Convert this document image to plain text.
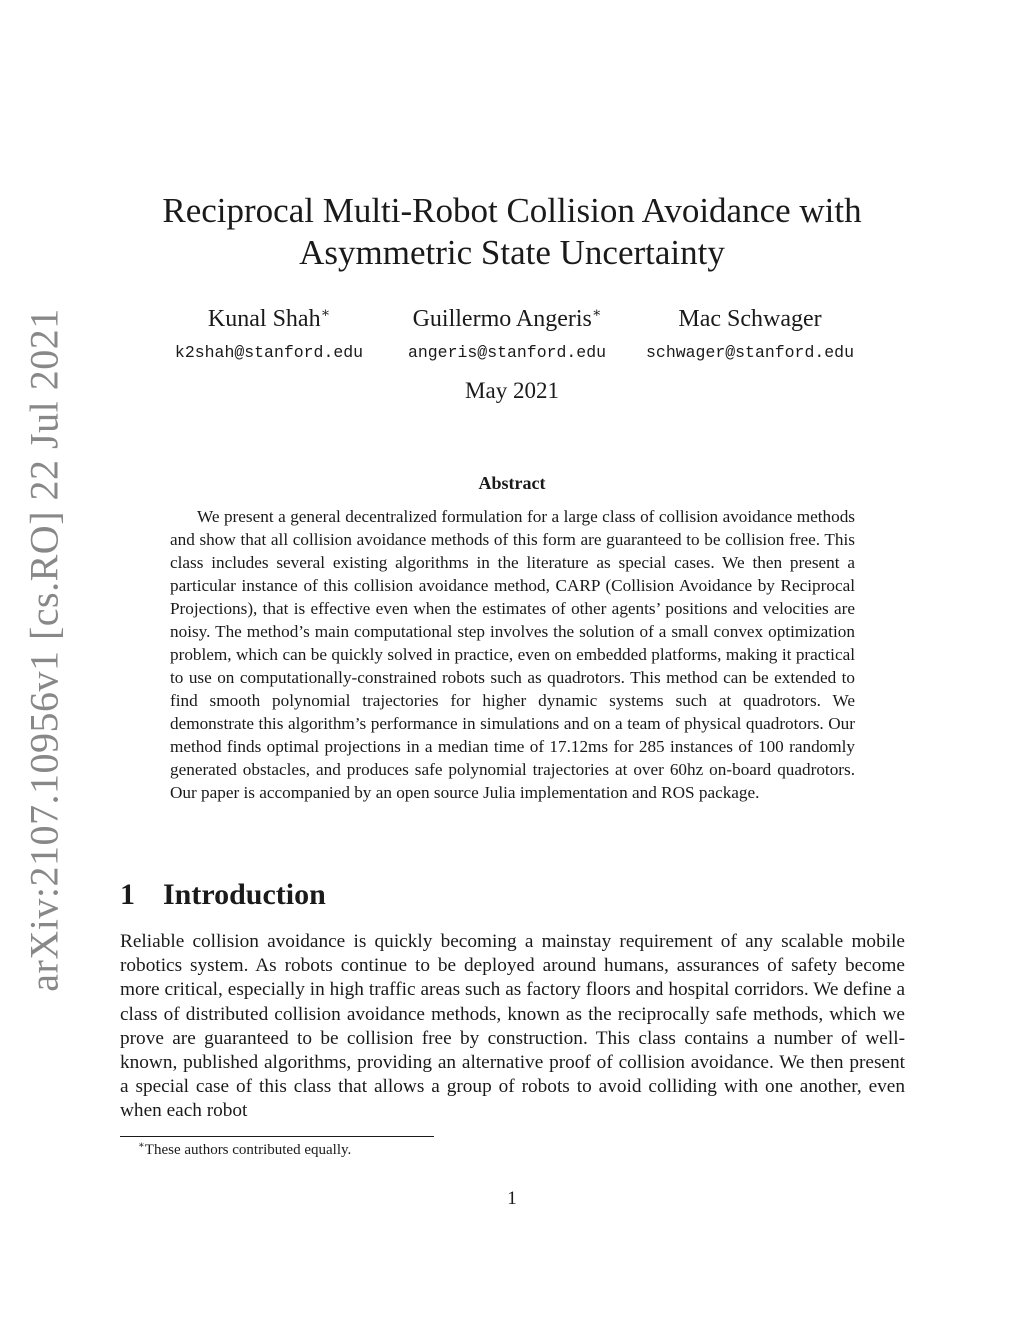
arXiv:2107.10956v1 [cs.RO] 22 Jul 2021
Reciprocal Multi-Robot Collision Avoidance with
Asymmetric State Uncertainty
Kunal Shah∗
k2shah@stanford.edu
Guillermo Angeris∗
angeris@stanford.edu
Mac Schwager
schwager@stanford.edu
May 2021
Abstract

We present a general decentralized formulation for a large class of collision avoidance methods and show that all collision avoidance methods of this form are guaranteed to be collision free. This class includes several existing algorithms in the literature as special cases. We then present a particular instance of this collision avoidance method, CARP (Collision Avoidance by Reciprocal Projections), that is effective even when the estimates of other agents’ positions and velocities are noisy. The method’s main computational step involves the solution of a small convex optimization problem, which can be quickly solved in practice, even on embedded platforms, making it practical to use on computationally-constrained robots such as quadrotors. This method can be extended to find smooth polynomial trajectories for higher dynamic systems such at quadrotors. We demonstrate this algorithm’s performance in simulations and on a team of physical quadrotors. Our method finds optimal projections in a median time of 17.12ms for 285 instances of 100 randomly generated obstacles, and produces safe polynomial trajectories at over 60hz on-board quadrotors. Our paper is accompanied by an open source Julia implementation and ROS package.

1 Introduction

Reliable collision avoidance is quickly becoming a mainstay requirement of any scalable mobile robotics system. As robots continue to be deployed around humans, assurances of safety become more critical, especially in high traffic areas such as factory floors and hospital corridors. We define a class of distributed collision avoidance methods, known as the reciprocally safe methods, which we prove are guaranteed to be collision free by construction. This class contains a number of well-known, published algorithms, providing an alternative proof of collision avoidance. We then present a special case of this class that allows a group of robots to avoid colliding with one another, even when each robot

∗These authors contributed equally.
1
